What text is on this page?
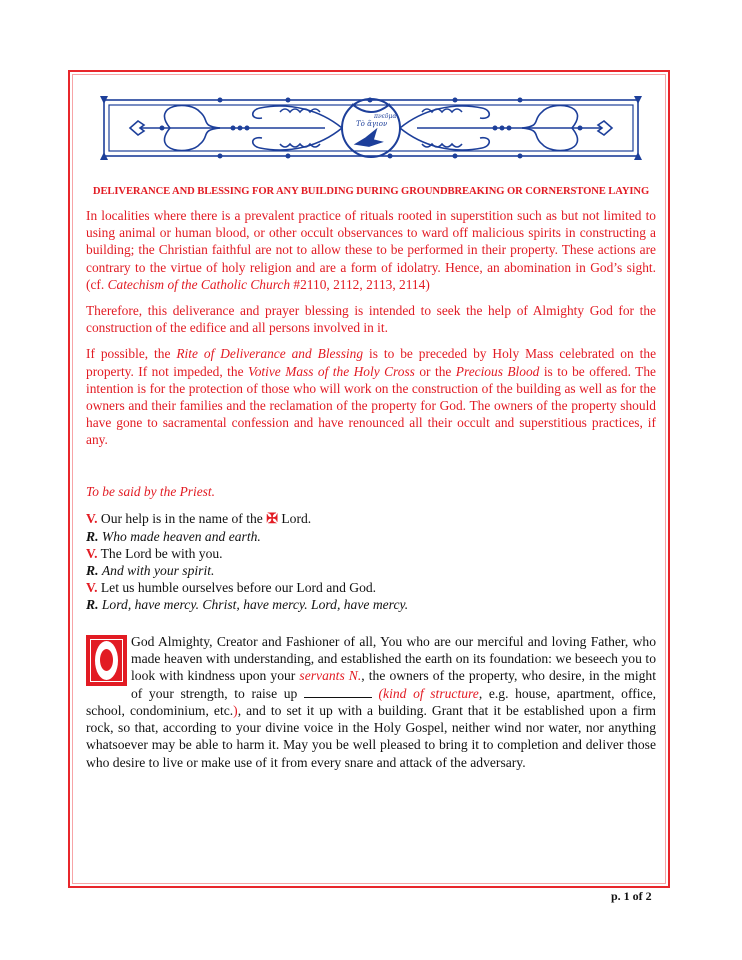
Τὸ ἅγιον
πνεῦμα
DELIVERANCE AND BLESSING FOR ANY BUILDING DURING GROUNDBREAKING OR CORNERSTONE LAYING

In localities where there is a prevalent practice of rituals rooted in superstition such as but not limited to using animal or human blood, or other occult observances to ward off malicious spirits in constructing a building; the Christian faithful are not to allow these to be performed in their property. These actions are contrary to the virtue of holy religion and are a form of idolatry. Hence, an abomination in God’s sight. (cf. Catechism of the Catholic Church #2110, 2112, 2113, 2114)

Therefore, this deliverance and prayer blessing is intended to seek the help of Almighty God for the construction of the edifice and all persons involved in it.

If possible, the Rite of Deliverance and Blessing is to be preceded by Holy Mass celebrated on the property. If not impeded, the Votive Mass of the Holy Cross or the Precious Blood is to be offered. The intention is for the protection of those who will work on the construction of the building as well as for the owners and their families and the reclamation of the property for God. The owners of the property should have gone to sacramental confession and have renounced all their occult and superstitious practices, if any.

To be said by the Priest.

V. Our help is in the name of the ✠ Lord.
R. Who made heaven and earth.
V. The Lord be with you.
R. And with your spirit.
V. Let us humble ourselves before our Lord and God.
R. Lord, have mercy. Christ, have mercy. Lord, have mercy.

God Almighty, Creator and Fashioner of all, You who are our merciful and loving Father, who made heaven with understanding, and established the earth on its foundation: we beseech you to look with kindness upon your servants N., the owners of the property, who desire, in the might of your strength, to raise up	(kind of structure, e.g. house, apartment, office, school, condominium, etc.), and to set it up with a building. Grant that it be established upon a firm rock, so that, according to your divine voice in the Holy Gospel, neither wind nor water, nor anything whatsoever may be able to harm it. May you be well pleased to bring it to completion and deliver those who desire to live or make use of it from every snare and attack of the adversary.

p. 1 of 2
